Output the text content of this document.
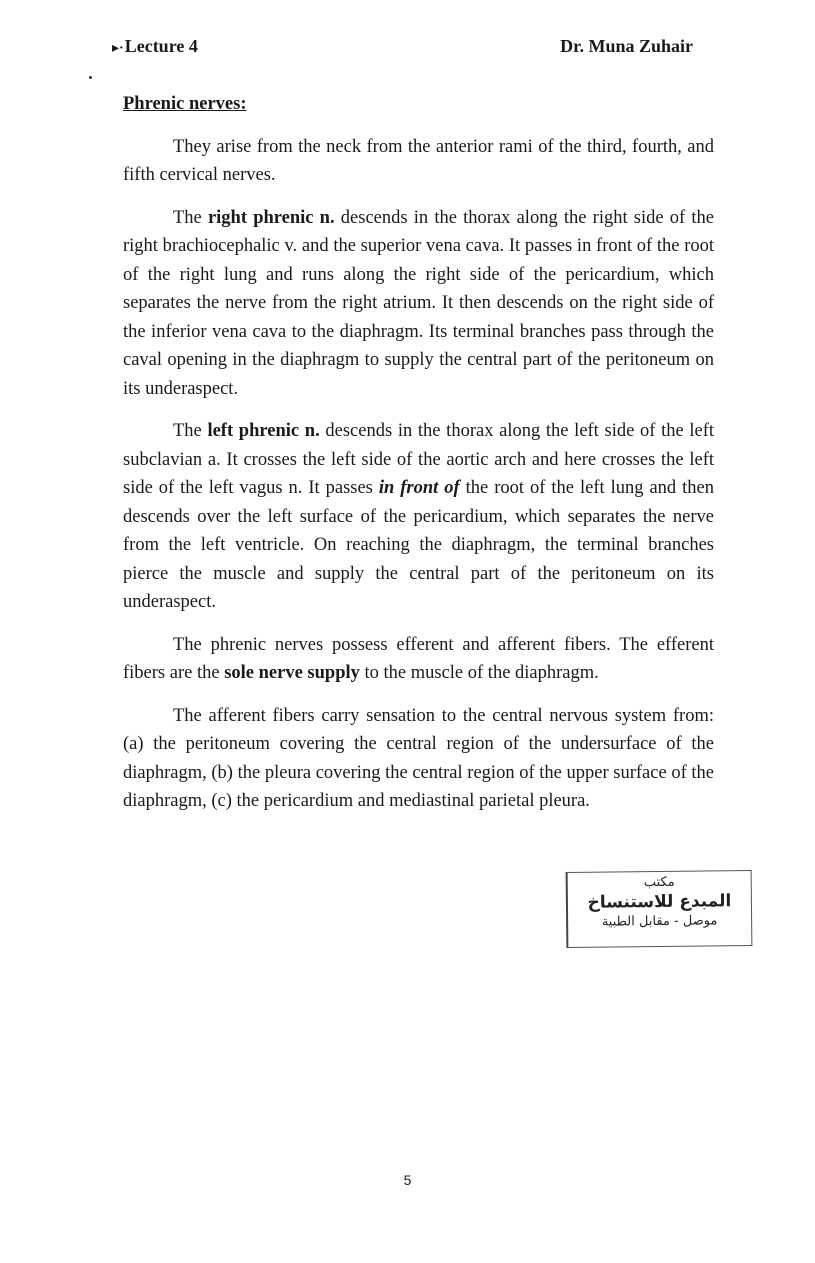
▸·Lecture 4	Dr. Muna Zuhair
Phrenic nerves:

They arise from the neck from the anterior rami of the third, fourth, and fifth cervical nerves.

The right phrenic n. descends in the thorax along the right side of the right brachiocephalic v. and the superior vena cava. It passes in front of the root of the right lung and runs along the right side of the pericardium, which separates the nerve from the right atrium. It then descends on the right side of the inferior vena cava to the diaphragm. Its terminal branches pass through the caval opening in the diaphragm to supply the central part of the peritoneum on its underaspect.

The left phrenic n. descends in the thorax along the left side of the left subclavian a. It crosses the left side of the aortic arch and here crosses the left side of the left vagus n. It passes in front of the root of the left lung and then descends over the left surface of the pericardium, which separates the nerve from the left ventricle. On reaching the diaphragm, the terminal branches pierce the muscle and supply the central part of the peritoneum on its underaspect.

The phrenic nerves possess efferent and afferent fibers. The efferent fibers are the sole nerve supply to the muscle of the diaphragm.

The afferent fibers carry sensation to the central nervous system from: (a) the peritoneum covering the central region of the undersurface of the diaphragm, (b) the pleura covering the central region of the upper surface of the diaphragm, (c) the pericardium and mediastinal parietal pleura.

مكتب
المبدع للاستنساخ
موصل - مقابل الطبية
5
